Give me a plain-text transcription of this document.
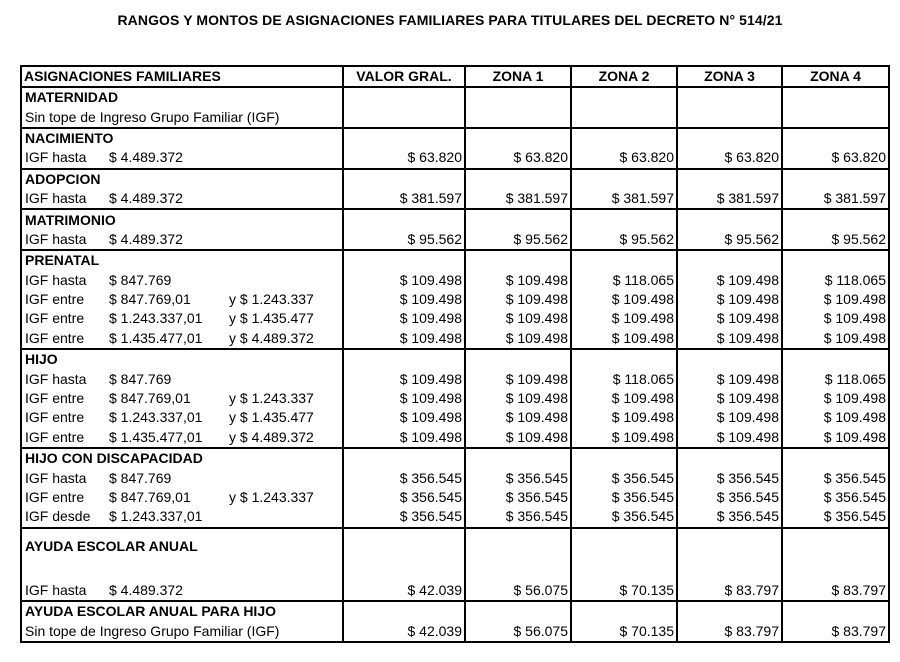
RANGOS Y MONTOS DE ASIGNACIONES FAMILIARES PARA TITULARES DEL DECRETO N° 514/21
ASIGNACIONES FAMILIARES	VALOR GRAL.	ZONA 1	ZONA 2	ZONA 3	ZONA 4
MATERNIDAD					
Sin tope de Ingreso Grupo Familiar (IGF)					
NACIMIENTO					
IGF hasta $ 4.489.372	$ 63.820	$ 63.820	$ 63.820	$ 63.820	$ 63.820
ADOPCION					
IGF hasta $ 4.489.372	$ 381.597	$ 381.597	$ 381.597	$ 381.597	$ 381.597
MATRIMONIO					
IGF hasta $ 4.489.372	$ 95.562	$ 95.562	$ 95.562	$ 95.562	$ 95.562
PRENATAL					
IGF hasta $ 847.769	$ 109.498	$ 109.498	$ 118.065	$ 109.498	$ 118.065
IGF entre $ 847.769,01 y $ 1.243.337	$ 109.498	$ 109.498	$ 109.498	$ 109.498	$ 109.498
IGF entre $ 1.243.337,01 y $ 1.435.477	$ 109.498	$ 109.498	$ 109.498	$ 109.498	$ 109.498
IGF entre $ 1.435.477,01 y $ 4.489.372	$ 109.498	$ 109.498	$ 109.498	$ 109.498	$ 109.498
HIJO					
IGF hasta $ 847.769	$ 109.498	$ 109.498	$ 118.065	$ 109.498	$ 118.065
IGF entre $ 847.769,01 y $ 1.243.337	$ 109.498	$ 109.498	$ 109.498	$ 109.498	$ 109.498
IGF entre $ 1.243.337,01 y $ 1.435.477	$ 109.498	$ 109.498	$ 109.498	$ 109.498	$ 109.498
IGF entre $ 1.435.477,01 y $ 4.489.372	$ 109.498	$ 109.498	$ 109.498	$ 109.498	$ 109.498
HIJO CON DISCAPACIDAD					
IGF hasta $ 847.769	$ 356.545	$ 356.545	$ 356.545	$ 356.545	$ 356.545
IGF entre $ 847.769,01 y $ 1.243.337	$ 356.545	$ 356.545	$ 356.545	$ 356.545	$ 356.545
IGF desde $ 1.243.337,01	$ 356.545	$ 356.545	$ 356.545	$ 356.545	$ 356.545
AYUDA ESCOLAR ANUAL					
IGF hasta $ 4.489.372	$ 42.039	$ 56.075	$ 70.135	$ 83.797	$ 83.797
AYUDA ESCOLAR ANUAL PARA HIJO					
Sin tope de Ingreso Grupo Familiar (IGF)	$ 42.039	$ 56.075	$ 70.135	$ 83.797	$ 83.797
